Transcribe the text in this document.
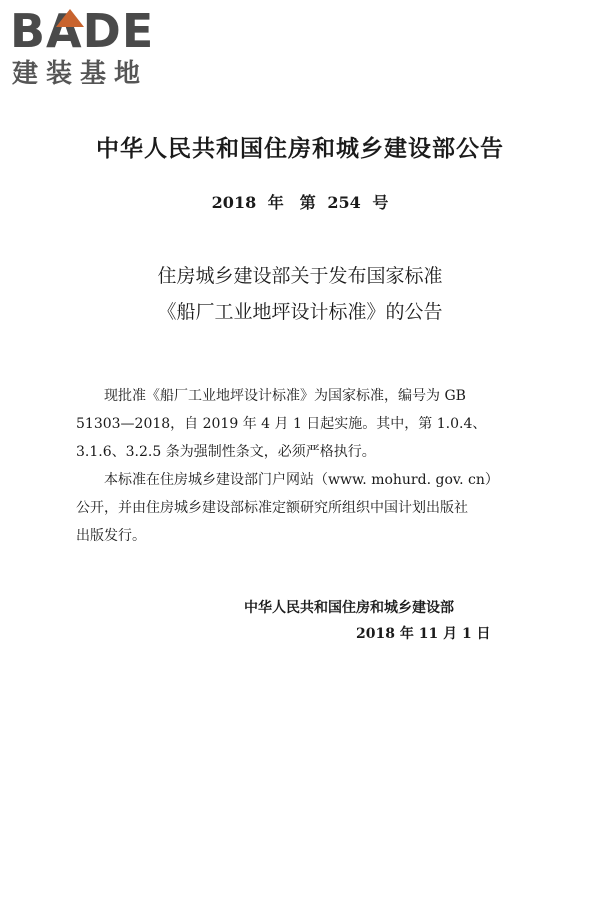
BADE
建装基地
中华人民共和国住房和城乡建设部公告
2018 年　第 254 号
住房城乡建设部关于发布国家标准
《船厂工业地坪设计标准》的公告

现批准《船厂工业地坪设计标准》为国家标准，编号为 GB
51303—2018，自 2019 年 4 月 1 日起实施。其中，第 1.0.4、
3.1.6、3.2.5 条为强制性条文，必须严格执行。

本标准在住房城乡建设部门户网站（www. mohurd. gov. cn）
公开，并由住房城乡建设部标准定额研究所组织中国计划出版社
出版发行。

中华人民共和国住房和城乡建设部
2018 年 11 月 1 日
